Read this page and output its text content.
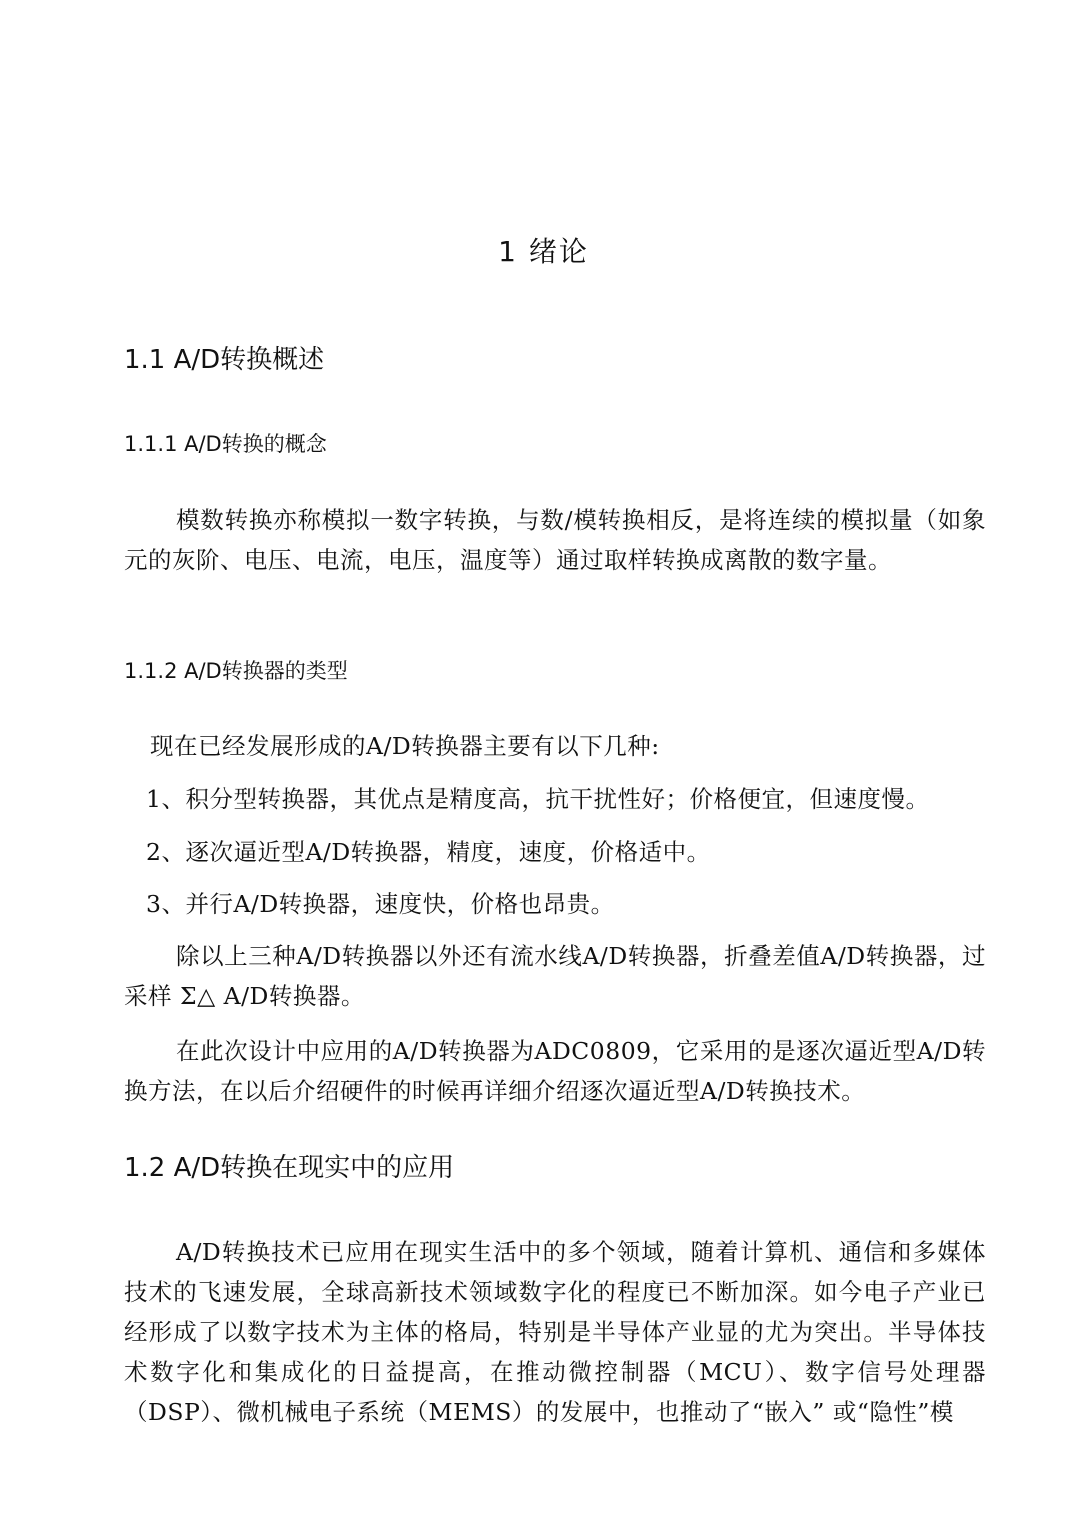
1 绪论
1.1 A/D转换概述
1.1.1 A/D转换的概念

模数转换亦称模拟一数字转换，与数/模转换相反，是将连续的模拟量（如象元的灰阶、电压、电流，电压，温度等）通过取样转换成离散的数字量。

1.1.2 A/D转换器的类型
现在已经发展形成的A/D转换器主要有以下几种:
1、积分型转换器，其优点是精度高，抗干扰性好；价格便宜，但速度慢。
2、逐次逼近型A/D转换器，精度，速度，价格适中。
3、并行A/D转换器，速度快，价格也昂贵。

除以上三种A/D转换器以外还有流水线A/D转换器，折叠差值A/D转换器，过采样 Σ△ A/D转换器。

在此次设计中应用的A/D转换器为ADC0809，它采用的是逐次逼近型A/D转换方法，在以后介绍硬件的时候再详细介绍逐次逼近型A/D转换技术。

1.2 A/D转换在现实中的应用

A/D转换技术已应用在现实生活中的多个领域，随着计算机、通信和多媒体技术的飞速发展，全球高新技术领域数字化的程度已不断加深。如今电子产业已经形成了以数字技术为主体的格局，特别是半导体产业显的尤为突出。半导体技术数字化和集成化的日益提高，在推动微控制器（MCU）、数字信号处理器（DSP）、微机械电子系统（MEMS）的发展中，也推动了“嵌入” 或“隐性”模
